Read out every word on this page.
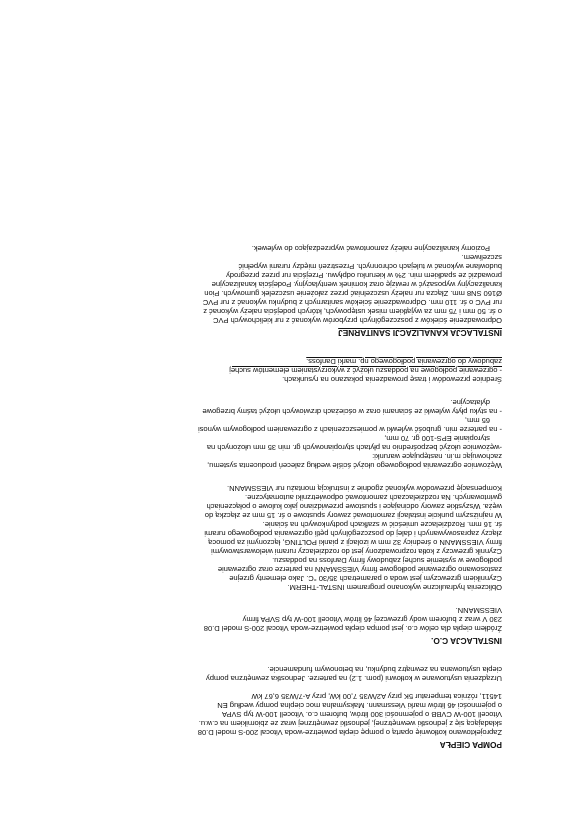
POMPA CIEPŁA
Zaprojektowano kotłownię opartą o pompę ciepła powietrze-woda Vitocal 200-S model D.08
składającą się z jednostki wewnętrznej, jednostki zewnętrznej wraz ze zbiornikiem na c.w.u.
Vitocell 100-W CVBB o pojemności 300 litrów, buforem c.o. Vitocell 100-W typ SVPA
o pojemności 46 litrów marki Viessmann. Maksymalna moc cieplna pompy według EN
14511, różnica temperatur 5K przy A2/W35 7,00 kW, przy A-7/W35 6,67 kW
Urządzenia usytuowane w kotłowni (pom. 1.2) na parterze. Jednostka zewnętrzna pompy
ciepła usytuowana na zewnątrz budynku, na betonowym fundamencie.
INSTALACJA C.O.
Źródłem ciepła dla celów c.o. jest pompa ciepła powietrze-woda Vitocal 200-S model D.08
230 V wraz z buforem wody grzewczej 46 litrów Vitocell 100-W typ SVPA firmy
VIESSMANN.
Obliczenia hydrauliczne wykonano programem INSTAL-THERM.
Czynnikiem grzewczym jest woda o parametrach 35/30 °C. Jako elementy grzejne
zastosowano ogrzewanie podłogowe firmy VIESSMANN na parterze oraz ogrzewanie
podłogowe w systemie suchej zabudowy firmy Danfoss na poddaszu.
Czynnik grzewczy z kotła rozprowadzony jest do rozdzielaczy rurami wielowarstwowymi
firmy VIESSMANN o średnicy 32 mm w izolacji z pianki POLTING, łączonymi za pomocą
złączy zaprasowywanych i dalej do poszczególnych pętli ogrzewania podłogowego rurami
śr. 16 mm. Rozdzielacze umieścić w szafkach podtynkowych na ścianie.
W najniższym punkcie instalacji zamontować zawory spustowe o śr. 15 mm ze złączką do
węża. Wszystkie zawory odcinające i spustowe przewidziano jako kulowe o połączeniach
gwintowanych. Na rozdzielaczach zamontować odpowietrzniki automatyczne.
Kompensację przewodów wykonać zgodnie z instrukcją montażu rur VIESSMANN.
Wężownice ogrzewania podłogowego ułożyć ściśle według zaleceń producenta systemu,
zachowując m.in. następujące warunki:
-wężownice ułożyć bezpośrednio na płytach styropianowych gr. min 35 mm ułożonych na
styropianie EPS-100 gr. 70 mm,
- na parterze min. grubość wylewki w pomieszczeniach z ogrzewaniem podłogowym wynosi
65 mm,
- na styku płyty wylewki ze ścianami oraz w ościeżach drzwiowych ułożyć taśmy brzegowe
dylatacyjne.
Średnice przewodów i trasę prowadzenia pokazano na rysunkach.
- ogrzewanie podłogowe na poddaszu ułożyć z wykorzystaniem elementów suchej
zabudowy do ogrzewania podłogowego np. marki Danfoss.
INSTALACJA KANALIZACJI SANITARNEJ
Odprowadzenie ścieków z poszczególnych przyborów wykonać z rur kielichowych PVC
o śr. 50 mm i 75 mm za wyjątkiem misek ustępowych, których podejścia należy wykonać z
rur PVC o śr. 110 mm. Odprowadzenie ścieków sanitarnych z budynku wykonać z rur PVC
Ø160 SN8 mm. Złącza rur należy uszczelniać przez założenie uszczelek gumowych. Pion
kanalizacyjny wyposażyć w rewizję oraz kominek wentylacyjny. Podejścia kanalizacyjne
prowadzić ze spadkiem min. 2% w kierunku odpływu. Przejścia rur przez przegrody
budowlane wykonać w tulejach ochronnych. Przestrzeń między rurami wypełnić
szczeliwem.
Poziomy kanalizacyjne należy zamontować wyprzedzająco do wylewek.
